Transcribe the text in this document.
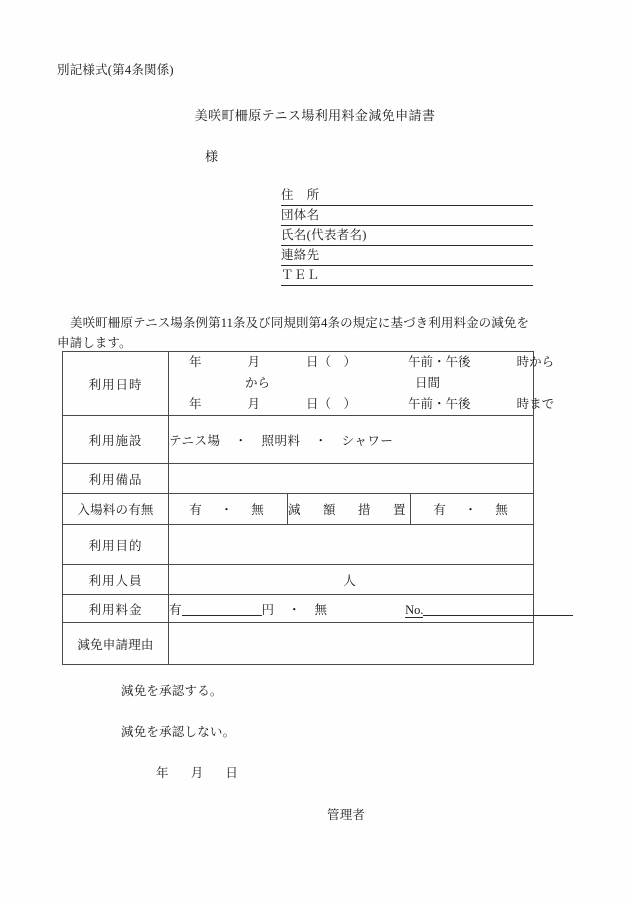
別記様式(第4条関係)
美咲町柵原テニス場利用料金減免申請書
様
住　所
団体名
氏名(代表者名)
連絡先
ＴＥＬ
美咲町柵原テニス場条例第11条及び同規則第4条の規定に基づき利用料金の減免を申請します。
利用日時	年 月 日（　） 午前・午後 時から
から 日間
年 月 日（　） 午前・午後 時まで		

利用施設	テニス場 ・ 照明料 ・ シャワー		
利用備品			
入場料の有無	有　・　無	減　額　措　置	有　・　無
利用目的			
利用人員	人		
利用料金	有 円 ・ 無 No.		
減免申請理由			
減免を承認する。
減免を承認しない。
年 月 日
管理者
